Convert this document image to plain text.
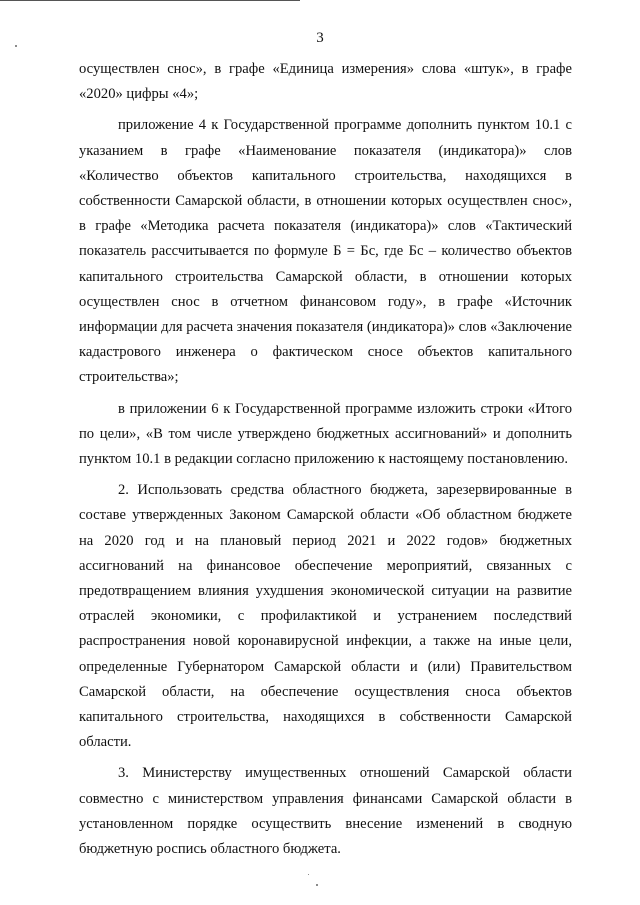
3

осуществлен снос», в графе «Единица измерения» слова «штук», в графе «2020» цифры «4»;

приложение 4 к Государственной программе дополнить пунктом 10.1 с указанием в графе «Наименование показателя (индикатора)» слов «Количество объектов капитального строительства, находящихся в собственности Самарской области, в отношении которых осуществлен снос», в графе «Методика расчета показателя (индикатора)» слов «Тактический показатель рассчитывается по формуле Б = Бс, где Бс – количество объектов капитального строительства Самарской области, в отношении которых осуществлен снос в отчетном финансовом году», в графе «Источник информации для расчета значения показателя (индикатора)» слов «Заключение кадастрового инженера о фактическом сносе объектов капитального строительства»;

в приложении 6 к Государственной программе изложить строки «Итого по цели», «В том числе утверждено бюджетных ассигнований» и дополнить пунктом 10.1 в редакции согласно приложению к настоящему постановлению.

2. Использовать средства областного бюджета, зарезервированные в составе утвержденных Законом Самарской области «Об областном бюджете на 2020 год и на плановый период 2021 и 2022 годов» бюджетных ассигнований на финансовое обеспечение мероприятий, связанных с предотвращением влияния ухудшения экономической ситуации на развитие отраслей экономики, с профилактикой и устранением последствий распространения новой коронавирусной инфекции, а также на иные цели, определенные Губернатором Самарской области и (или) Правительством Самарской области, на обеспечение осуществления сноса объектов капитального строительства, находящихся в собственности Самарской области.

3. Министерству имущественных отношений Самарской области совместно с министерством управления финансами Самарской области в установленном порядке осуществить внесение изменений в сводную бюджетную роспись областного бюджета.
